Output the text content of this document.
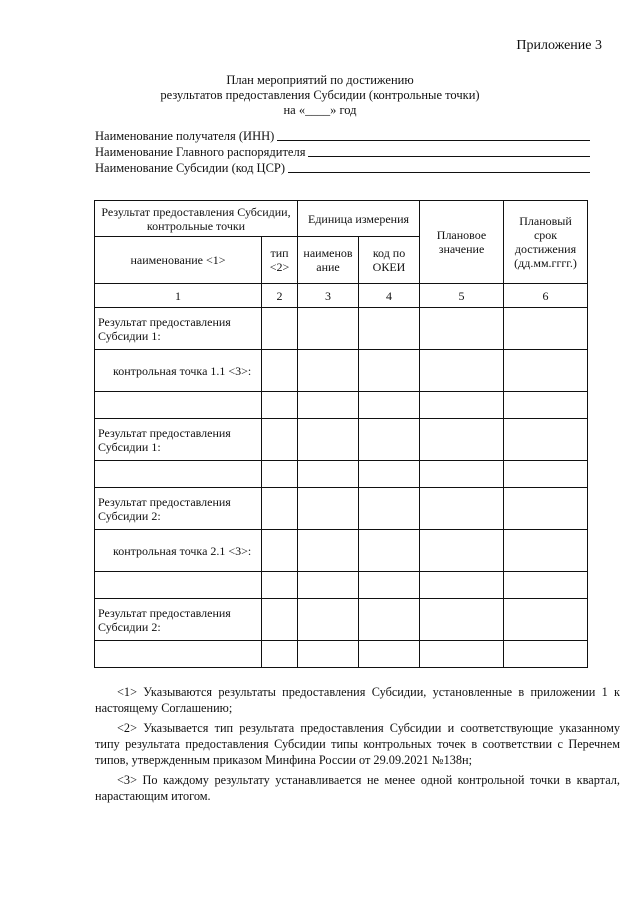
Приложение 3
План мероприятий по достижению
результатов предоставления Субсидии (контрольные точки)
на «____» год
Наименование получателя (ИНН)
Наименование Главного распорядителя
Наименование Субсидии (код ЦСР)
Результат предоставления Субсидии, контрольные точки		Единица измерения		Плановое значение	Плановый срок достижения (дд.мм.гггг.)
наименование <1>	тип <2>	наименов ание	код по ОКЕИ		
1	2	3	4	5	6
Результат предоставления Субсидии 1:					
контрольная точка 1.1 <3>:					

Результат предоставления Субсидии 1:					

Результат предоставления Субсидии 2:					
контрольная точка 2.1 <3>:					

Результат предоставления Субсидии 2:					

<1> Указываются результаты предоставления Субсидии, установленные в приложении 1 к настоящему Соглашению;

<2> Указывается тип результата предоставления Субсидии и соответствующие указанному типу результата предоставления Субсидии типы контрольных точек в соответствии с Перечнем типов, утвержденным приказом Минфина России от 29.09.2021 №138н;

<3> По каждому результату устанавливается не менее одной контрольной точки в квартал, нарастающим итогом.
